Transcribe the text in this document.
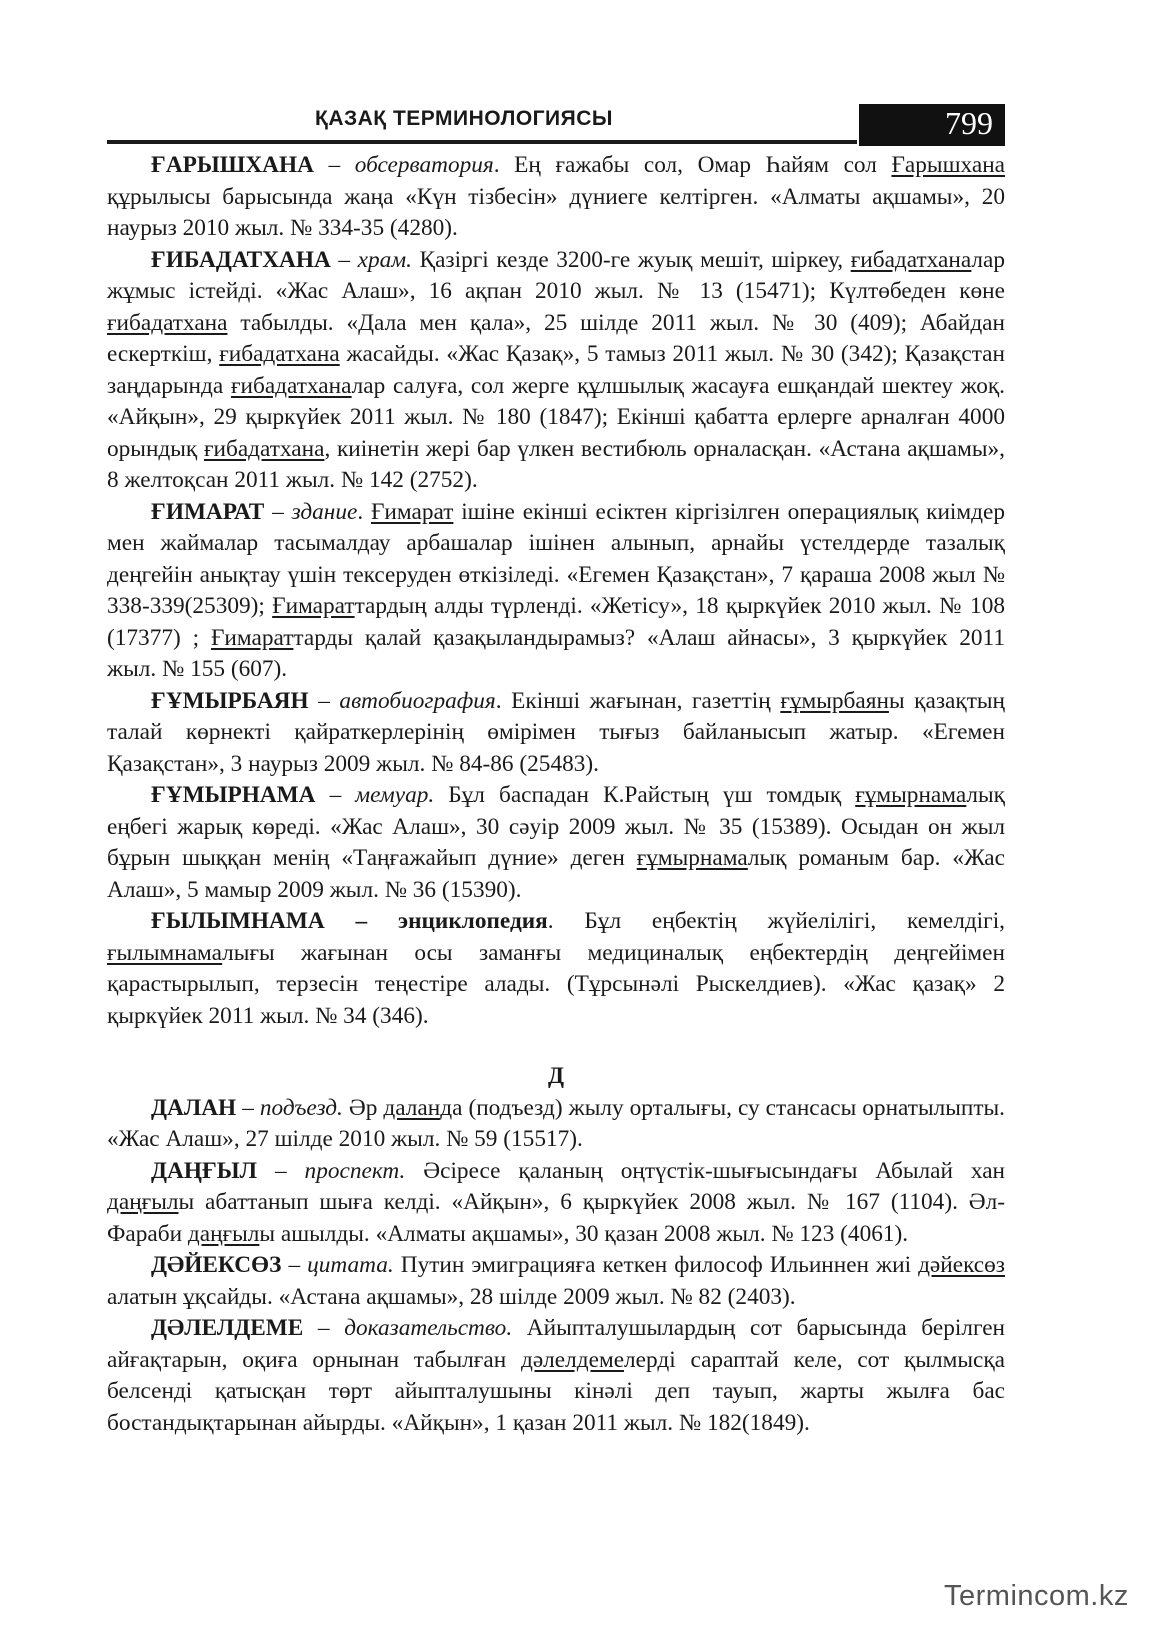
ҚАЗАҚ ТЕРМИНОЛОГИЯСЫ	799

ҒАРЫШХАНА – обсерватория. Ең ғажабы сол, Омар Һайям сол Ғарышхана құрылысы барысында жаңа «Күн тізбесін» дүниеге келтірген. «Алматы ақшамы», 20 наурыз 2010 жыл. № 334-35 (4280).

ҒИБАДАТХАНА – храм. Қазіргі кезде 3200-ге жуық мешіт, шіркеу, ғибадатханалар жұмыс істейді. «Жас Алаш», 16 ақпан 2010 жыл. № 13 (15471); Күлтөбеден көне ғибадатхана табылды. «Дала мен қала», 25 шілде 2011 жыл. № 30 (409); Абайдан ескерткіш, ғибадатхана жасайды. «Жас Қазақ», 5 тамыз 2011 жыл. № 30 (342); Қазақстан заңдарында ғибадатханалар салуға, сол жерге құлшылық жасауға ешқандай шектеу жоқ. «Айқын», 29 қыркүйек 2011 жыл. № 180 (1847); Екінші қабатта ерлерге арналған 4000 орындық ғибадатхана, киінетін жері бар үлкен вестибюль орналасқан. «Астана ақшамы», 8 желтоқсан 2011 жыл. № 142 (2752).

ҒИМАРАТ – здание. Ғимарат ішіне екінші есіктен кіргізілген операциялық киімдер мен жаймалар тасымалдау арбашалар ішінен алынып, арнайы үстелдерде тазалық деңгейін анықтау үшін тексеруден өткізіледі. «Егемен Қазақстан», 7 қараша 2008 жыл № 338-339(25309); Ғимараттардың алды түрленді. «Жетісу», 18 қыркүйек 2010 жыл. № 108 (17377) ; Ғимараттарды қалай қазақыландырамыз? «Алаш айнасы», 3 қыркүйек 2011 жыл. № 155 (607).

ҒҰМЫРБАЯН – автобиография. Екінші жағынан, газеттің ғұмырбаяны қазақтың талай көрнекті қайраткерлерінің өмірімен тығыз байланысып жатыр. «Егемен Қазақстан», 3 наурыз 2009 жыл. № 84-86 (25483).

ҒҰМЫРНАМА – мемуар. Бұл баспадан К.Райстың үш томдық ғұмырнамалық еңбегі жарық көреді. «Жас Алаш», 30 сәуір 2009 жыл. № 35 (15389). Осыдан он жыл бұрын шыққан менің «Таңғажайып дүние» деген ғұмырнамалық романым бар. «Жас Алаш», 5 мамыр 2009 жыл. № 36 (15390).

ҒЫЛЫМНАМА – энциклопедия. Бұл еңбектің жүйелілігі, кемелдігі, ғылымнамалығы жағынан осы заманғы медициналық еңбектердің деңгейімен қарастырылып, терзесін теңестіре алады. (Тұрсынәлі Рыскелдиев). «Жас қазақ» 2 қыркүйек 2011 жыл. № 34 (346).

Д

ДАЛАН – подъезд. Әр даланда (подъезд) жылу орталығы, су стансасы орнатылыпты. «Жас Алаш», 27 шілде 2010 жыл. № 59 (15517).

ДАҢҒЫЛ – проспект. Әсіресе қаланың оңтүстік-шығысындағы Абылай хан даңғылы абаттанып шыға келді. «Айқын», 6 қыркүйек 2008 жыл. № 167 (1104). Әл-Фараби даңғылы ашылды. «Алматы ақшамы», 30 қазан 2008 жыл. № 123 (4061).

ДӘЙЕКСӨЗ – цитата. Путин эмиграцияға кеткен философ Ильиннен жиі дәйексөз алатын ұқсайды. «Астана ақшамы», 28 шілде 2009 жыл. № 82 (2403).

ДӘЛЕЛДЕМЕ – доказательство. Айыпталушылардың сот барысында берілген айғақтарын, оқиға орнынан табылған дәлелдемелерді сараптай келе, сот қылмысқа белсенді қатысқан төрт айыпталушыны кінәлі деп тауып, жарты жылға бас бостандықтарынан айырды. «Айқын», 1 қазан 2011 жыл. № 182(1849).

Termincom.kz
